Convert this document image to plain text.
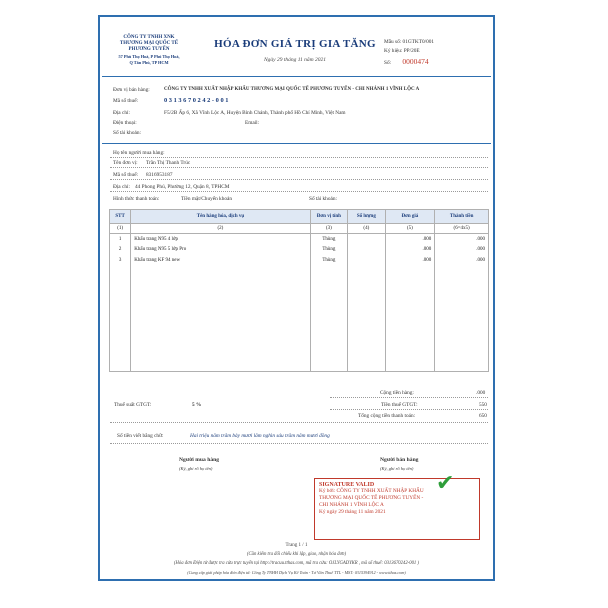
CÔNG TY TNHH XNK
THƯƠNG MẠI QUỐC TẾ
PHƯƠNG TUYẾN
57 Phù Thọ Hoà, P Phú Thọ Hoà,
Q Tân Phú, TP HCM
HÓA ĐƠN GIÁ TRỊ GIA TĂNG
Ngày 29 tháng 11 năm 2021
Mẫu số: 01GTKT0/001
Ký hiệu: PP/20E
Số: 0000474
Đơn vị bán hàng:	CÔNG TY TNHH XUẤT NHẬP KHẨU THƯƠNG MẠI QUỐC TẾ PHƯƠNG TUYẾN - CHI NHÁNH 1 VĨNH LỘC A
Mã số thuế:	0 3 1 3 6 7 0 2 4 2 - 0 0 1
Địa chỉ:	F5/2B Ấp 6, Xã Vĩnh Lộc A, Huyện Bình Chánh, Thành phố Hồ Chí Minh, Việt Nam
Điện thoại:	Email:
Số tài khoản:
Họ tên người mua hàng:
Tên đơn vị: Trần Thị Thanh Trúc
Mã số thuế: 8316953187
Địa chỉ: 44 Phong Phú, Phường 12, Quận 8, TPHCM
Hình thức thanh toán:	Tiền mặt/Chuyển khoản	Số tài khoản:
STT	Tên hàng hóa, dịch vụ	Đơn vị tính	Số lượng	Đơn giá	Thành tiền
(1)	(2)	(3)	(4)	(5)	(6=4x5)
1	Khẩu trang N95 4 lớp	Thùng		.000	.000
2	Khẩu trang N95 5 lớp Pro	Thùng		.000	.000
3	Khẩu trang KF 94 new	Thùng		.000	.000

Cộng tiền hàng:	.000
Thuế suất GTGT:	5 %	Tiền thuế GTGT:	550
Tổng cộng tiền thanh toán:	650
Số tiền viết bằng chữ:	Hai triệu năm trăm bảy mươi lăm nghìn sáu trăm năm mươi đồng
Người mua hàng
(Ký, ghi rõ họ tên)
Người bán hàng
(Ký, ghi rõ họ tên)
SIGNATURE VALID
Ký bởi: CÔNG TY TNHH XUẤT NHẬP KHẨU
THƯƠNG MẠI QUỐC TẾ PHƯƠNG TUYẾN -
CHI NHÁNH 1 VĨNH LỘC A
Ký ngày 29 tháng 11 năm 2021
✔
Trang 1 / 1
(Cần kiểm tra đối chiếu khi lập, giao, nhận hóa đơn)
(Hóa đơn Điện tử được tra cứu trực tuyến tại http://tracuu.tthas.com, mã tra cứu: OJLYGADYKR , mã số thuế: 0313670242-001 )
(Cung cấp giải pháp hóa đơn điện tử: Công Ty TNHH Dịch Vụ Kế Toán - Tư Vấn Thuế TTL - MST: 0315394912 - www.tthas.com)
